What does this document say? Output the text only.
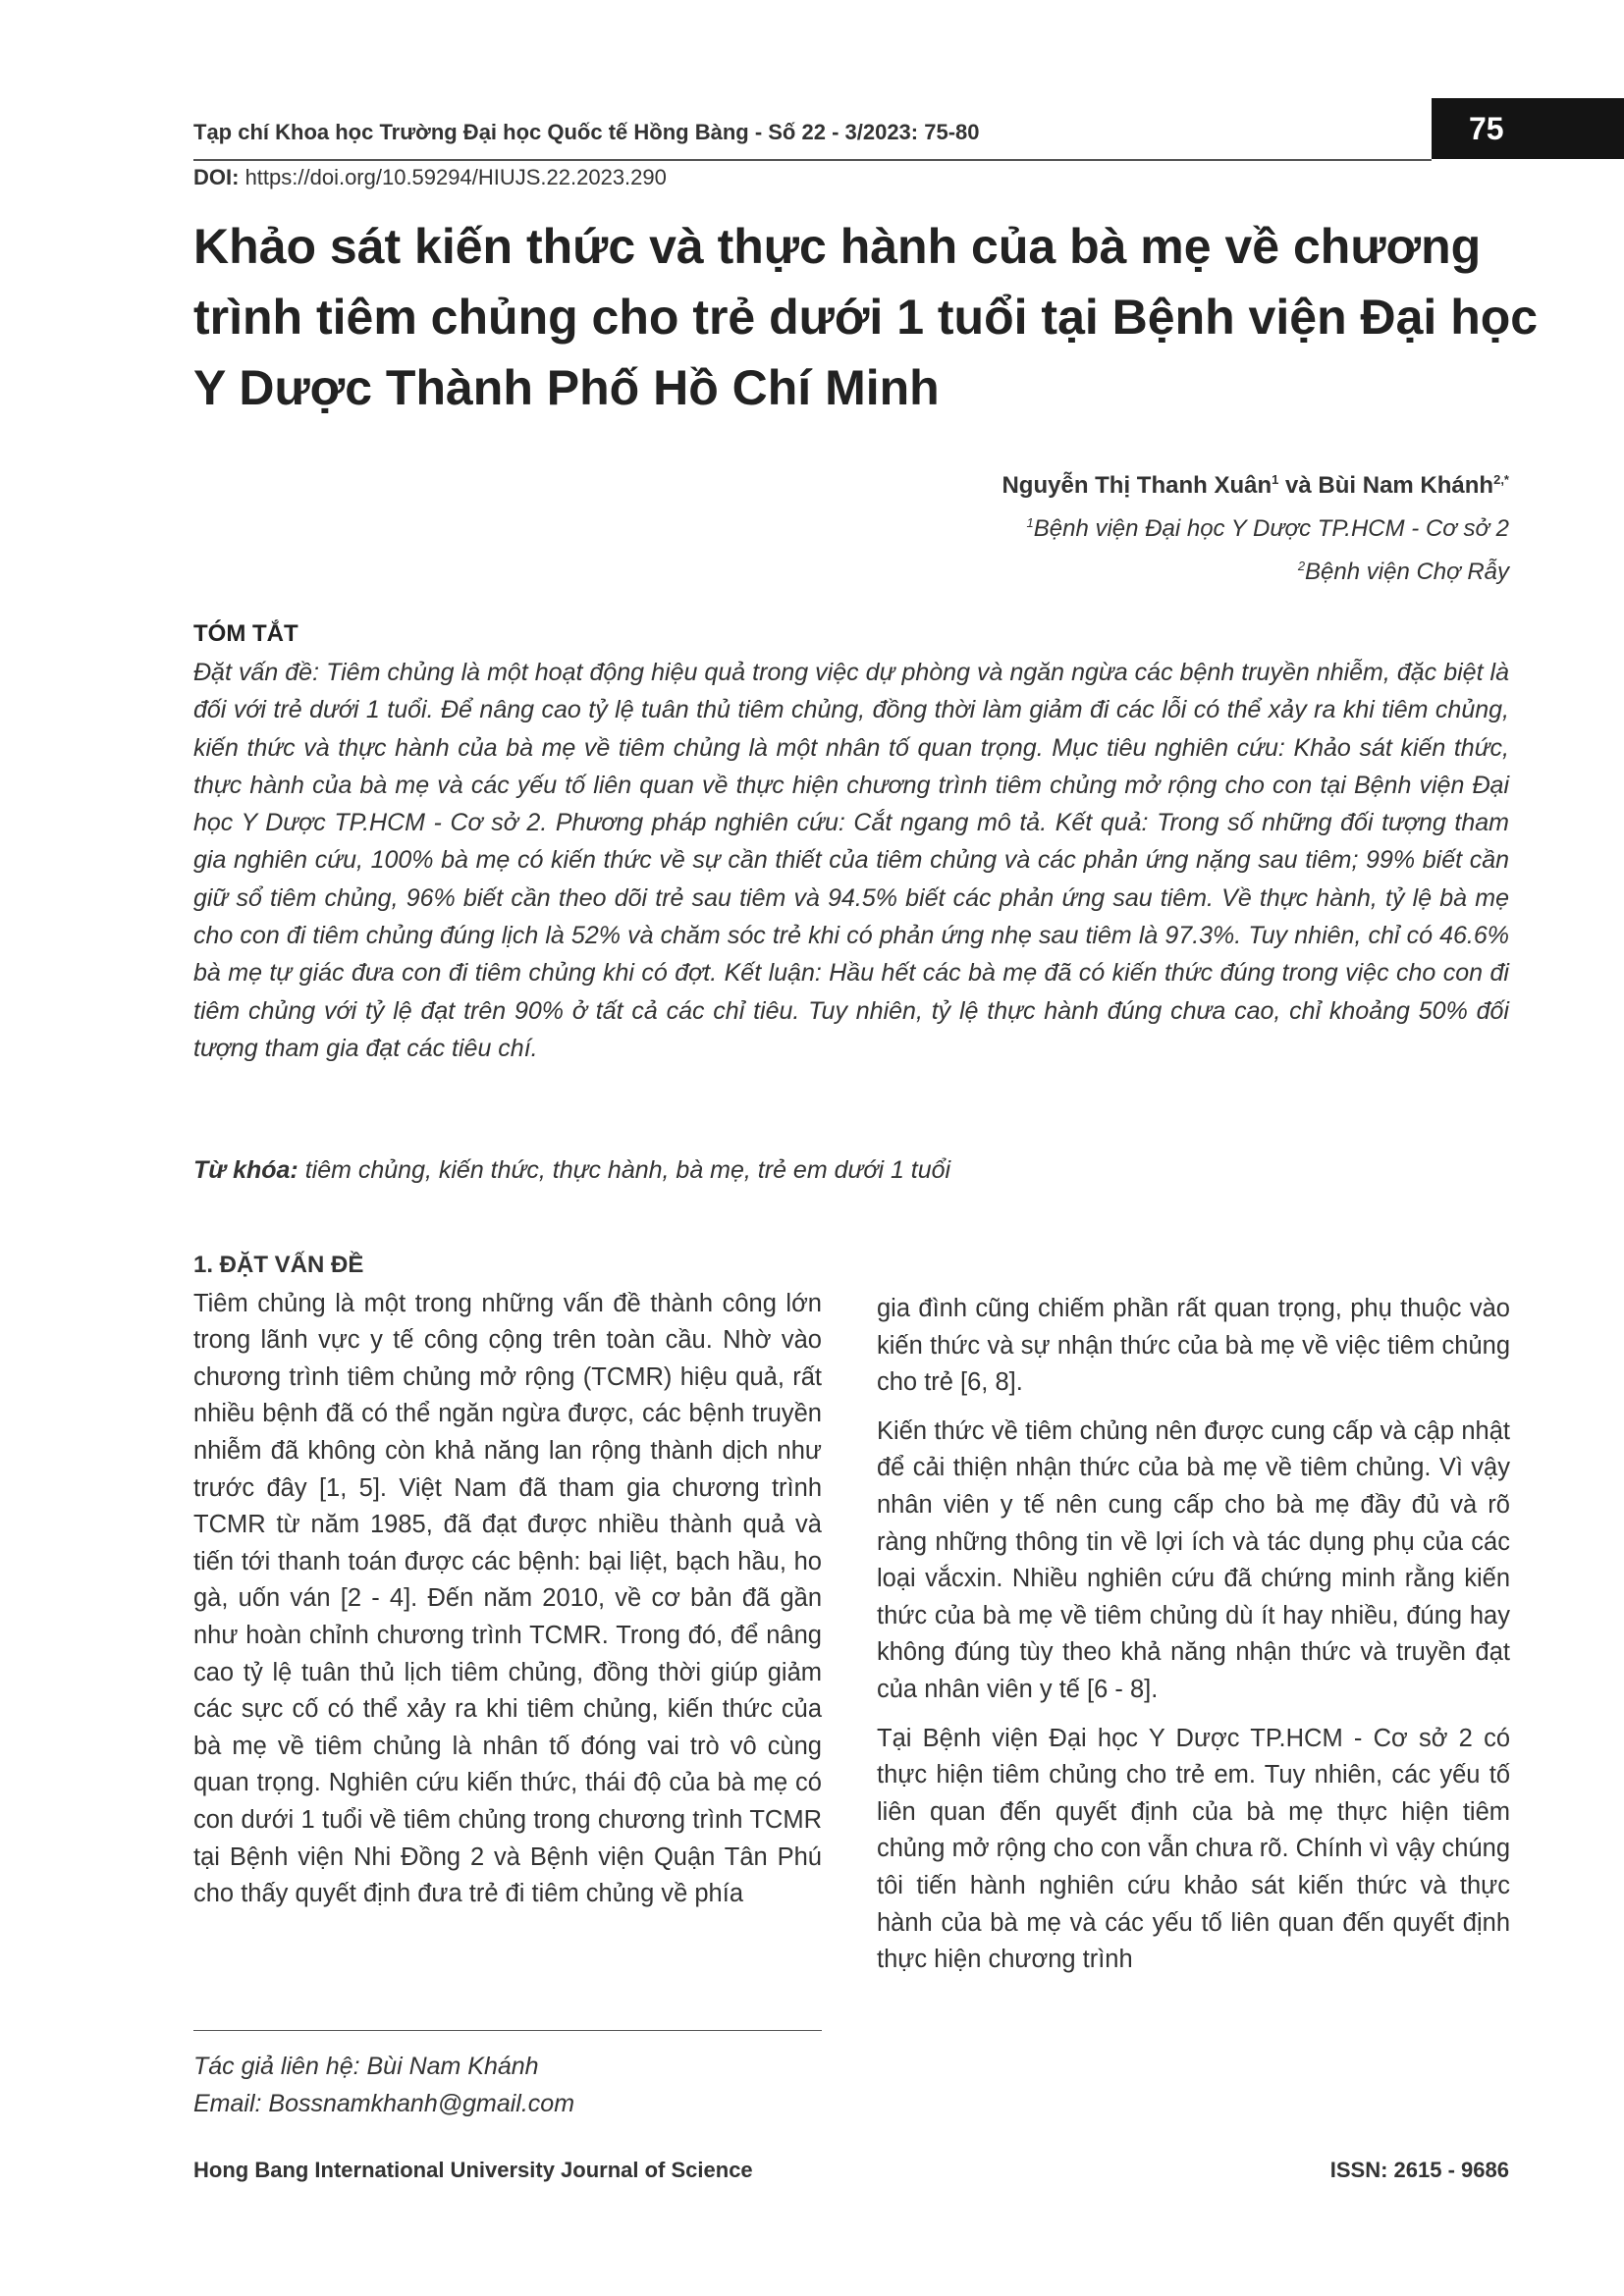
Tạp chí Khoa học Trường Đại học Quốc tế Hồng Bàng - Số 22 - 3/2023: 75-80	75
DOI: https://doi.org/10.59294/HIUJS.22.2023.290
Khảo sát kiến thức và thực hành của bà mẹ về chương trình tiêm chủng cho trẻ dưới 1 tuổi tại Bệnh viện Đại học Y Dược Thành Phố Hồ Chí Minh
Nguyễn Thị Thanh Xuân$^1$ và Bùi Nam Khánh$^{2,*}$
$^1$Bệnh viện Đại học Y Dược TP.HCM - Cơ sở 2
$^2$Bệnh viện Chợ Rẫy
TÓM TẮT
Đặt vấn đề: Tiêm chủng là một hoạt động hiệu quả trong việc dự phòng và ngăn ngừa các bệnh truyền nhiễm, đặc biệt là đối với trẻ dưới 1 tuổi. Để nâng cao tỷ lệ tuân thủ tiêm chủng, đồng thời làm giảm đi các lỗi có thể xảy ra khi tiêm chủng, kiến thức và thực hành của bà mẹ về tiêm chủng là một nhân tố quan trọng. Mục tiêu nghiên cứu: Khảo sát kiến thức, thực hành của bà mẹ và các yếu tố liên quan về thực hiện chương trình tiêm chủng mở rộng cho con tại Bệnh viện Đại học Y Dược TP.HCM - Cơ sở 2. Phương pháp nghiên cứu: Cắt ngang mô tả. Kết quả: Trong số những đối tượng tham gia nghiên cứu, 100% bà mẹ có kiến thức về sự cần thiết của tiêm chủng và các phản ứng nặng sau tiêm; 99% biết cần giữ sổ tiêm chủng, 96% biết cần theo dõi trẻ sau tiêm và 94.5% biết các phản ứng sau tiêm. Về thực hành, tỷ lệ bà mẹ cho con đi tiêm chủng đúng lịch là 52% và chăm sóc trẻ khi có phản ứng nhẹ sau tiêm là 97.3%. Tuy nhiên, chỉ có 46.6% bà mẹ tự giác đưa con đi tiêm chủng khi có đợt. Kết luận: Hầu hết các bà mẹ đã có kiến thức đúng trong việc cho con đi tiêm chủng với tỷ lệ đạt trên 90% ở tất cả các chỉ tiêu. Tuy nhiên, tỷ lệ thực hành đúng chưa cao, chỉ khoảng 50% đối tượng tham gia đạt các tiêu chí.
Từ khóa: tiêm chủng, kiến thức, thực hành, bà mẹ, trẻ em dưới 1 tuổi
1. ĐẶT VẤN ĐỀ

Tiêm chủng là một trong những vấn đề thành công lớn trong lãnh vực y tế công cộng trên toàn cầu. Nhờ vào chương trình tiêm chủng mở rộng (TCMR) hiệu quả, rất nhiều bệnh đã có thể ngăn ngừa được, các bệnh truyền nhiễm đã không còn khả năng lan rộng thành dịch như trước đây [1, 5]. Việt Nam đã tham gia chương trình TCMR từ năm 1985, đã đạt được nhiều thành quả và tiến tới thanh toán được các bệnh: bại liệt, bạch hầu, ho gà, uốn ván [2 - 4]. Đến năm 2010, về cơ bản đã gần như hoàn chỉnh chương trình TCMR. Trong đó, để nâng cao tỷ lệ tuân thủ lịch tiêm chủng, đồng thời giúp giảm các sực cố có thể xảy ra khi tiêm chủng, kiến thức của bà mẹ về tiêm chủng là nhân tố đóng vai trò vô cùng quan trọng. Nghiên cứu kiến thức, thái độ của bà mẹ có con dưới 1 tuổi về tiêm chủng trong chương trình TCMR tại Bệnh viện Nhi Đồng 2 và Bệnh viện Quận Tân Phú cho thấy quyết định đưa trẻ đi tiêm chủng về phía

gia đình cũng chiếm phần rất quan trọng, phụ thuộc vào kiến thức và sự nhận thức của bà mẹ về việc tiêm chủng cho trẻ [6, 8].

Kiến thức về tiêm chủng nên được cung cấp và cập nhật để cải thiện nhận thức của bà mẹ về tiêm chủng. Vì vậy nhân viên y tế nên cung cấp cho bà mẹ đầy đủ và rõ ràng những thông tin về lợi ích và tác dụng phụ của các loại vắcxin. Nhiều nghiên cứu đã chứng minh rằng kiến thức của bà mẹ về tiêm chủng dù ít hay nhiều, đúng hay không đúng tùy theo khả năng nhận thức và truyền đạt của nhân viên y tế [6 - 8].

Tại Bệnh viện Đại học Y Dược TP.HCM - Cơ sở 2 có thực hiện tiêm chủng cho trẻ em. Tuy nhiên, các yếu tố liên quan đến quyết định của bà mẹ thực hiện tiêm chủng mở rộng cho con vẫn chưa rõ. Chính vì vậy chúng tôi tiến hành nghiên cứu khảo sát kiến thức và thực hành của bà mẹ và các yếu tố liên quan đến quyết định thực hiện chương trình

Tác giả liên hệ: Bùi Nam Khánh
Email: Bossnamkhanh@gmail.com
Hong Bang International University Journal of Science	ISSN: 2615 - 9686
